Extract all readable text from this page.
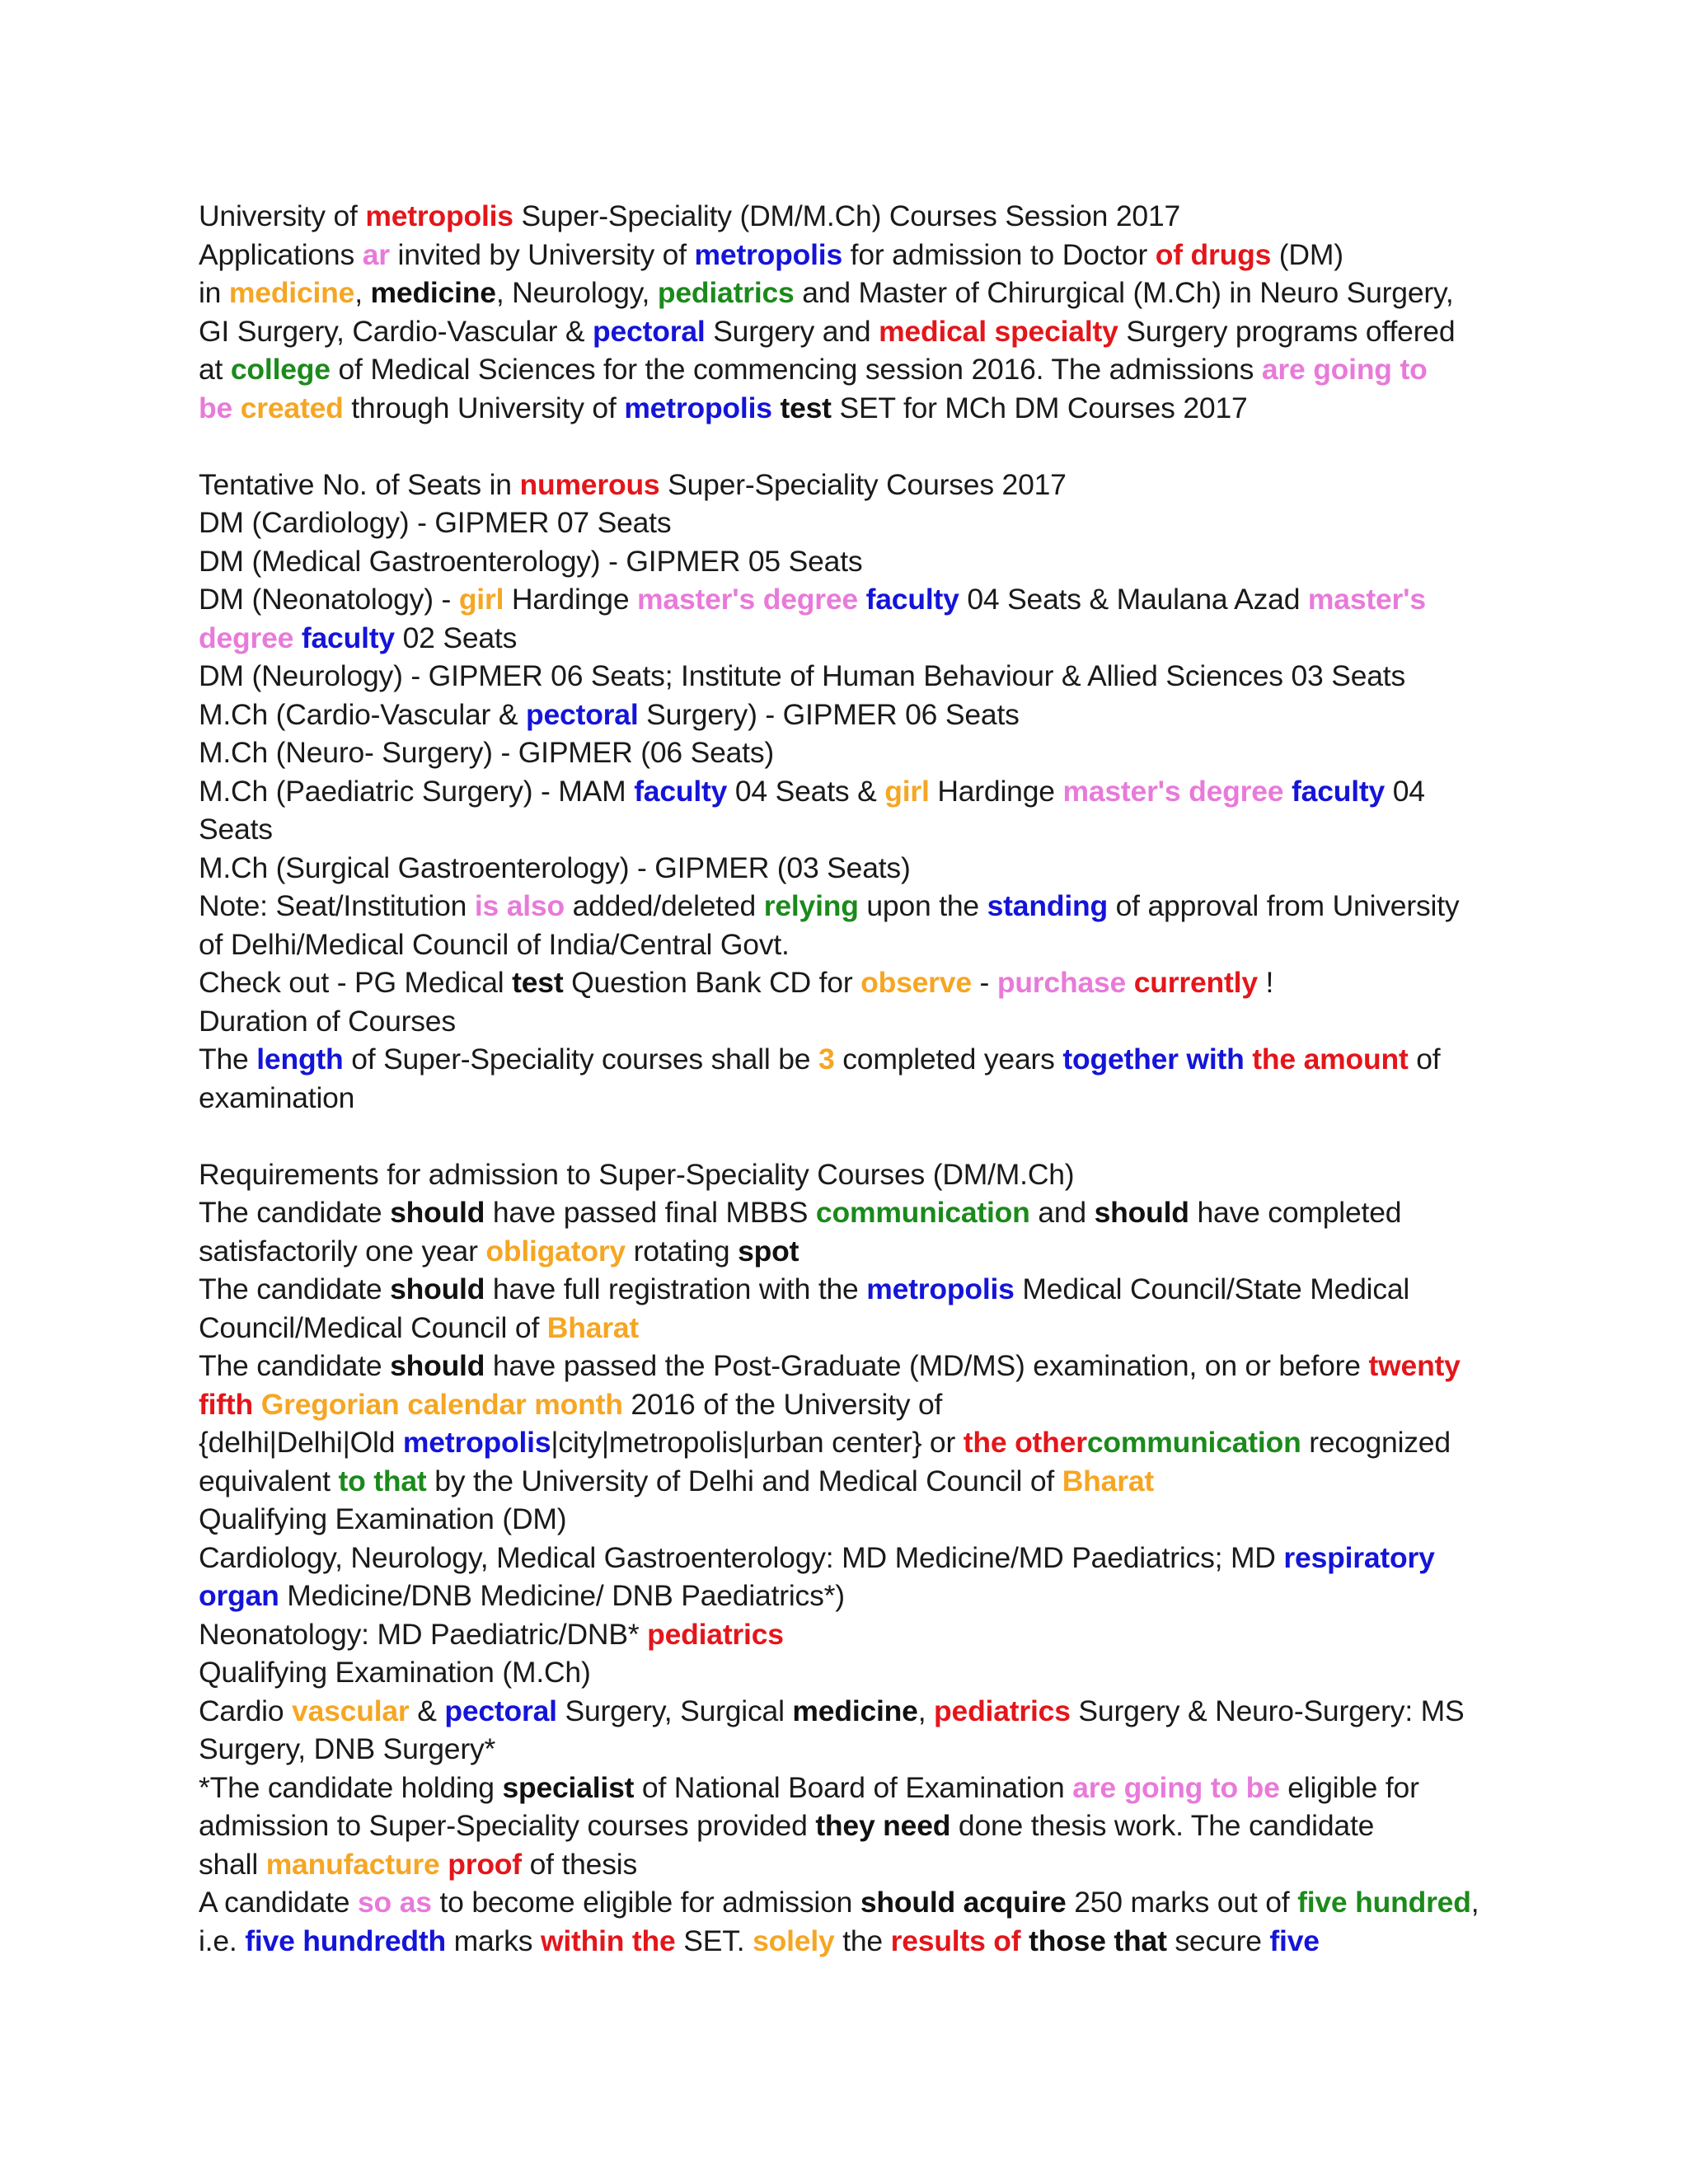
University of metropolis Super-Speciality (DM/M.Ch) Courses Session 2017
Applications ar invited by University of metropolis for admission to Doctor of drugs (DM)
in medicine, medicine, Neurology, pediatrics and Master of Chirurgical (M.Ch) in Neuro Surgery,
GI Surgery, Cardio-Vascular & pectoral Surgery and medical specialty Surgery programs offered
at college of Medical Sciences for the commencing session 2016. The admissions are going to
be created through University of metropolis test SET for MCh DM Courses 2017
Tentative No. of Seats in numerous Super-Speciality Courses 2017
DM (Cardiology) - GIPMER 07 Seats
DM (Medical Gastroenterology) - GIPMER 05 Seats
DM (Neonatology) - girl Hardinge master's degree faculty 04 Seats & Maulana Azad master's
degree faculty 02 Seats
DM (Neurology) - GIPMER 06 Seats; Institute of Human Behaviour & Allied Sciences 03 Seats
M.Ch (Cardio-Vascular & pectoral Surgery) - GIPMER 06 Seats
M.Ch (Neuro- Surgery) - GIPMER (06 Seats)
M.Ch (Paediatric Surgery) - MAM faculty 04 Seats & girl Hardinge master's degree faculty 04
Seats
M.Ch (Surgical Gastroenterology) - GIPMER (03 Seats)
Note: Seat/Institution is also added/deleted relying upon the standing of approval from University
of Delhi/Medical Council of India/Central Govt.
Check out - PG Medical test Question Bank CD for observe - purchase currently !
Duration of Courses
The length of Super-Speciality courses shall be 3 completed years together with the amount of
examination
Requirements for admission to Super-Speciality Courses (DM/M.Ch)
The candidate should have passed final MBBS communication and should have completed
satisfactorily one year obligatory rotating spot
The candidate should have full registration with the metropolis Medical Council/State Medical
Council/Medical Council of Bharat
The candidate should have passed the Post-Graduate (MD/MS) examination, on or before twenty
fifth Gregorian calendar month 2016 of the University of
{delhi|Delhi|Old metropolis|city|metropolis|urban center} or the othercommunication recognized
equivalent to that by the University of Delhi and Medical Council of Bharat
Qualifying Examination (DM)
Cardiology, Neurology, Medical Gastroenterology: MD Medicine/MD Paediatrics; MD respiratory
organ Medicine/DNB Medicine/ DNB Paediatrics*)
Neonatology: MD Paediatric/DNB* pediatrics
Qualifying Examination (M.Ch)
Cardio vascular & pectoral Surgery, Surgical medicine, pediatrics Surgery & Neuro-Surgery: MS
Surgery, DNB Surgery*
*The candidate holding specialist of National Board of Examination are going to be eligible for
admission to Super-Speciality courses provided they need done thesis work. The candidate
shall manufacture proof of thesis
A candidate so as to become eligible for admission should acquire 250 marks out of five hundred,
i.e. five hundredth marks within the SET. solely the results of those that secure five
